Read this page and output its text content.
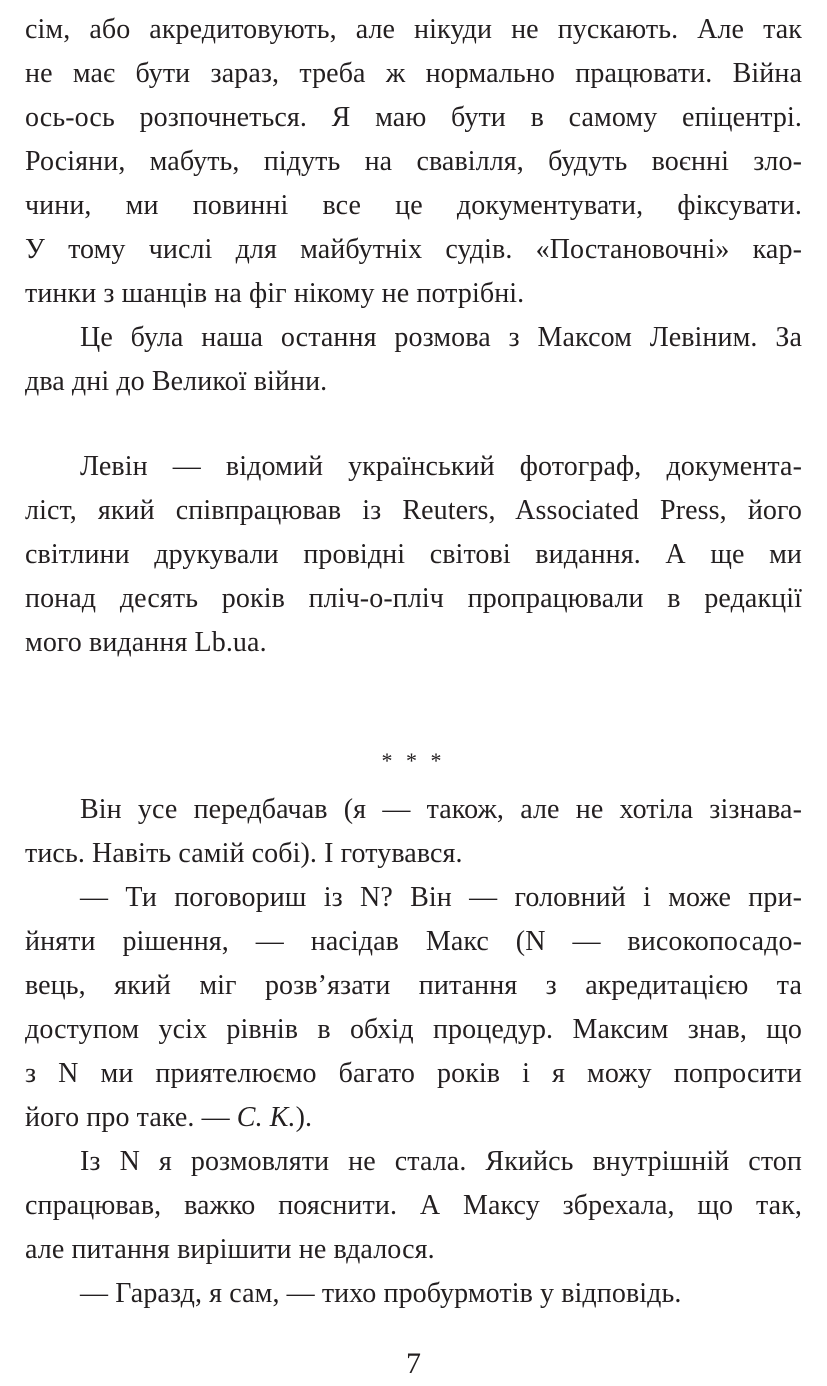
сім, або акредитовують, але нікуди не пускають. Але так
не має бути зараз, треба ж нормально працювати. Війна
ось-ось розпочнеться. Я маю бути в самому епіцентрі.
Росіяни, мабуть, підуть на свавілля, будуть воєнні зло-
чини, ми повинні все це документувати, фіксувати.
У тому числі для майбутніх судів. «Постановочні» кар-
тинки з шанців на фіг нікому не потрібні.
Це була наша остання розмова з Максом Левіним. За
два дні до Великої війни.
Левін — відомий український фотограф, документа-
ліст, який співпрацював із Reuters, Associated Press, його
світлини друкували провідні світові видання. А ще ми
понад десять років пліч-о-пліч пропрацювали в редакції
мого видання Lb.ua.
* * *
Він усе передбачав (я — також, але не хотіла зізнава-
тись. Навіть самій собі). І готувався.
— Ти поговориш із N? Він — головний і може при-
йняти рішення, — насідав Макс (N — високопосадо-
вець, який міг розв’язати питання з акредитацією та
доступом усіх рівнів в обхід процедур. Максим знав, що
з N ми приятелюємо багато років і я можу попросити
його про таке. — С. К.).
Із N я розмовляти не стала. Якийсь внутрішній стоп
спрацював, важко пояснити. А Максу збрехала, що так,
але питання вирішити не вдалося.
— Гаразд, я сам, — тихо пробурмотів у відповідь.
7
